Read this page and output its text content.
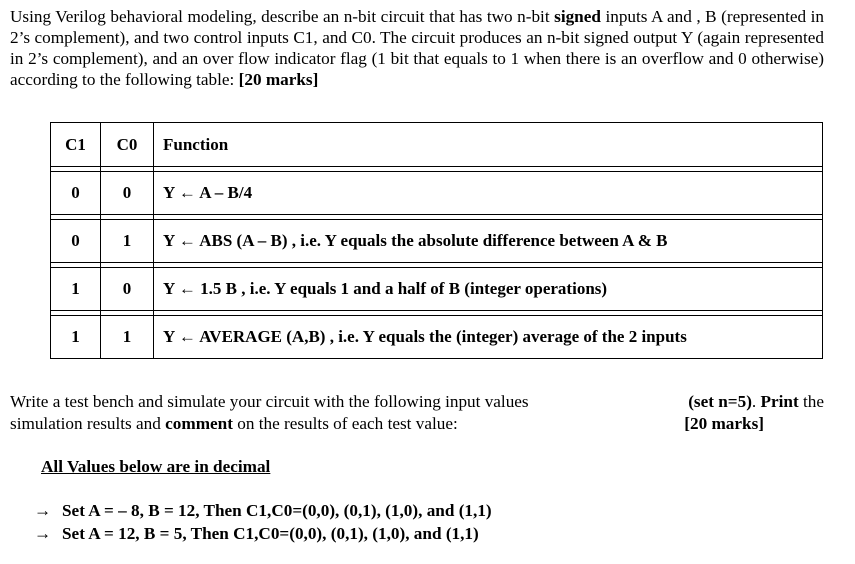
Using Verilog behavioral modeling, describe an n-bit circuit that has two n-bit signed inputs A and , B (represented in 2’s complement), and two control inputs C1, and C0. The circuit produces an n-bit signed output Y (again represented in 2’s complement), and an over flow indicator flag (1 bit that equals to 1 when there is an overflow and 0 otherwise) according to the following table: [20 marks]
C1	C0	Function

0	0	Y ← A – B/4

0	1	Y ← ABS (A – B) , i.e. Y equals the absolute difference between A & B

1	0	Y ← 1.5 B , i.e. Y equals 1 and a half of B (integer operations)

1	1	Y ← AVERAGE (A,B) , i.e. Y equals the (integer) average of the 2 inputs
Write a test bench and simulate your circuit with the following input values	(set n=5). Print the
simulation results and comment on the results of each test value:	[20 marks]
All Values below are in decimal
→ Set A = – 8, B = 12, Then C1,C0=(0,0), (0,1), (1,0), and (1,1)
→ Set A = 12, B = 5, Then C1,C0=(0,0), (0,1), (1,0), and (1,1)
